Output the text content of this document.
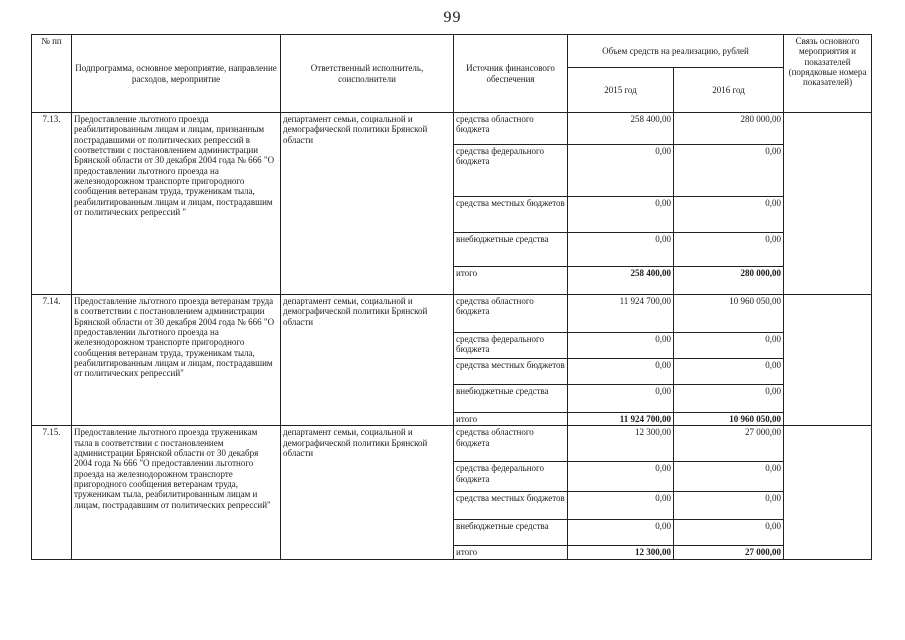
99
№ пп	Подпрограмма, основное мероприятие, направление расходов, мероприятие	Ответственный исполнитель, соисполнители	Источник финансового обеспечения	Объем средств на реализацию, рублей		Связь основного мероприятия и показателей (порядковые номера показателей)
				2015 год	2016 год	
7.13.	Предоставление льготного проезда реабилитированным лицам и лицам, признанным пострадавшими от политических репрессий в соответствии с постановлением администрации Брянской области от 30 декабря 2004 года № 666 "О предоставлении льготного проезда на железнодорожном транспорте пригородного сообщения ветеранам труда, труженикам тыла, реабилитированным лицам и лицам, пострадавшим от политических репрессий "	департамент семьи, социальной и демографической политики Брянской области	средства областного бюджета	258 400,00	280 000,00	
			средства федерального бюджета	0,00	0,00	
			средства местных бюджетов	0,00	0,00	
			внебюджетные средства	0,00	0,00	
			итого	258 400,00	280 000,00	
7.14.	Предоставление льготного проезда ветеранам труда в соответствии с постановлением администрации Брянской области от 30 декабря 2004 года № 666 "О предоставлении льготного проезда на железнодорожном транспорте пригородного сообщения ветеранам труда, труженикам тыла, реабилитированным лицам и лицам, пострадавшим от политических репрессий"	департамент семьи, социальной и демографической политики Брянской области	средства областного бюджета	11 924 700,00	10 960 050,00	
			средства федерального бюджета	0,00	0,00	
			средства местных бюджетов	0,00	0,00	
			внебюджетные средства	0,00	0,00	
			итого	11 924 700,00	10 960 050,00	
7.15.	Предоставление льготного проезда труженикам тыла в соответствии с постановлением администрации Брянской области от 30 декабря 2004 года № 666 "О предоставлении льготного проезда на железнодорожном транспорте пригородного сообщения ветеранам труда, труженикам тыла, реабилитированным лицам и лицам, пострадавшим от политических репрессий"	департамент семьи, социальной и демографической политики Брянской области	средства областного бюджета	12 300,00	27 000,00	
			средства федерального бюджета	0,00	0,00	
			средства местных бюджетов	0,00	0,00	
			внебюджетные средства	0,00	0,00	
			итого	12 300,00	27 000,00	
